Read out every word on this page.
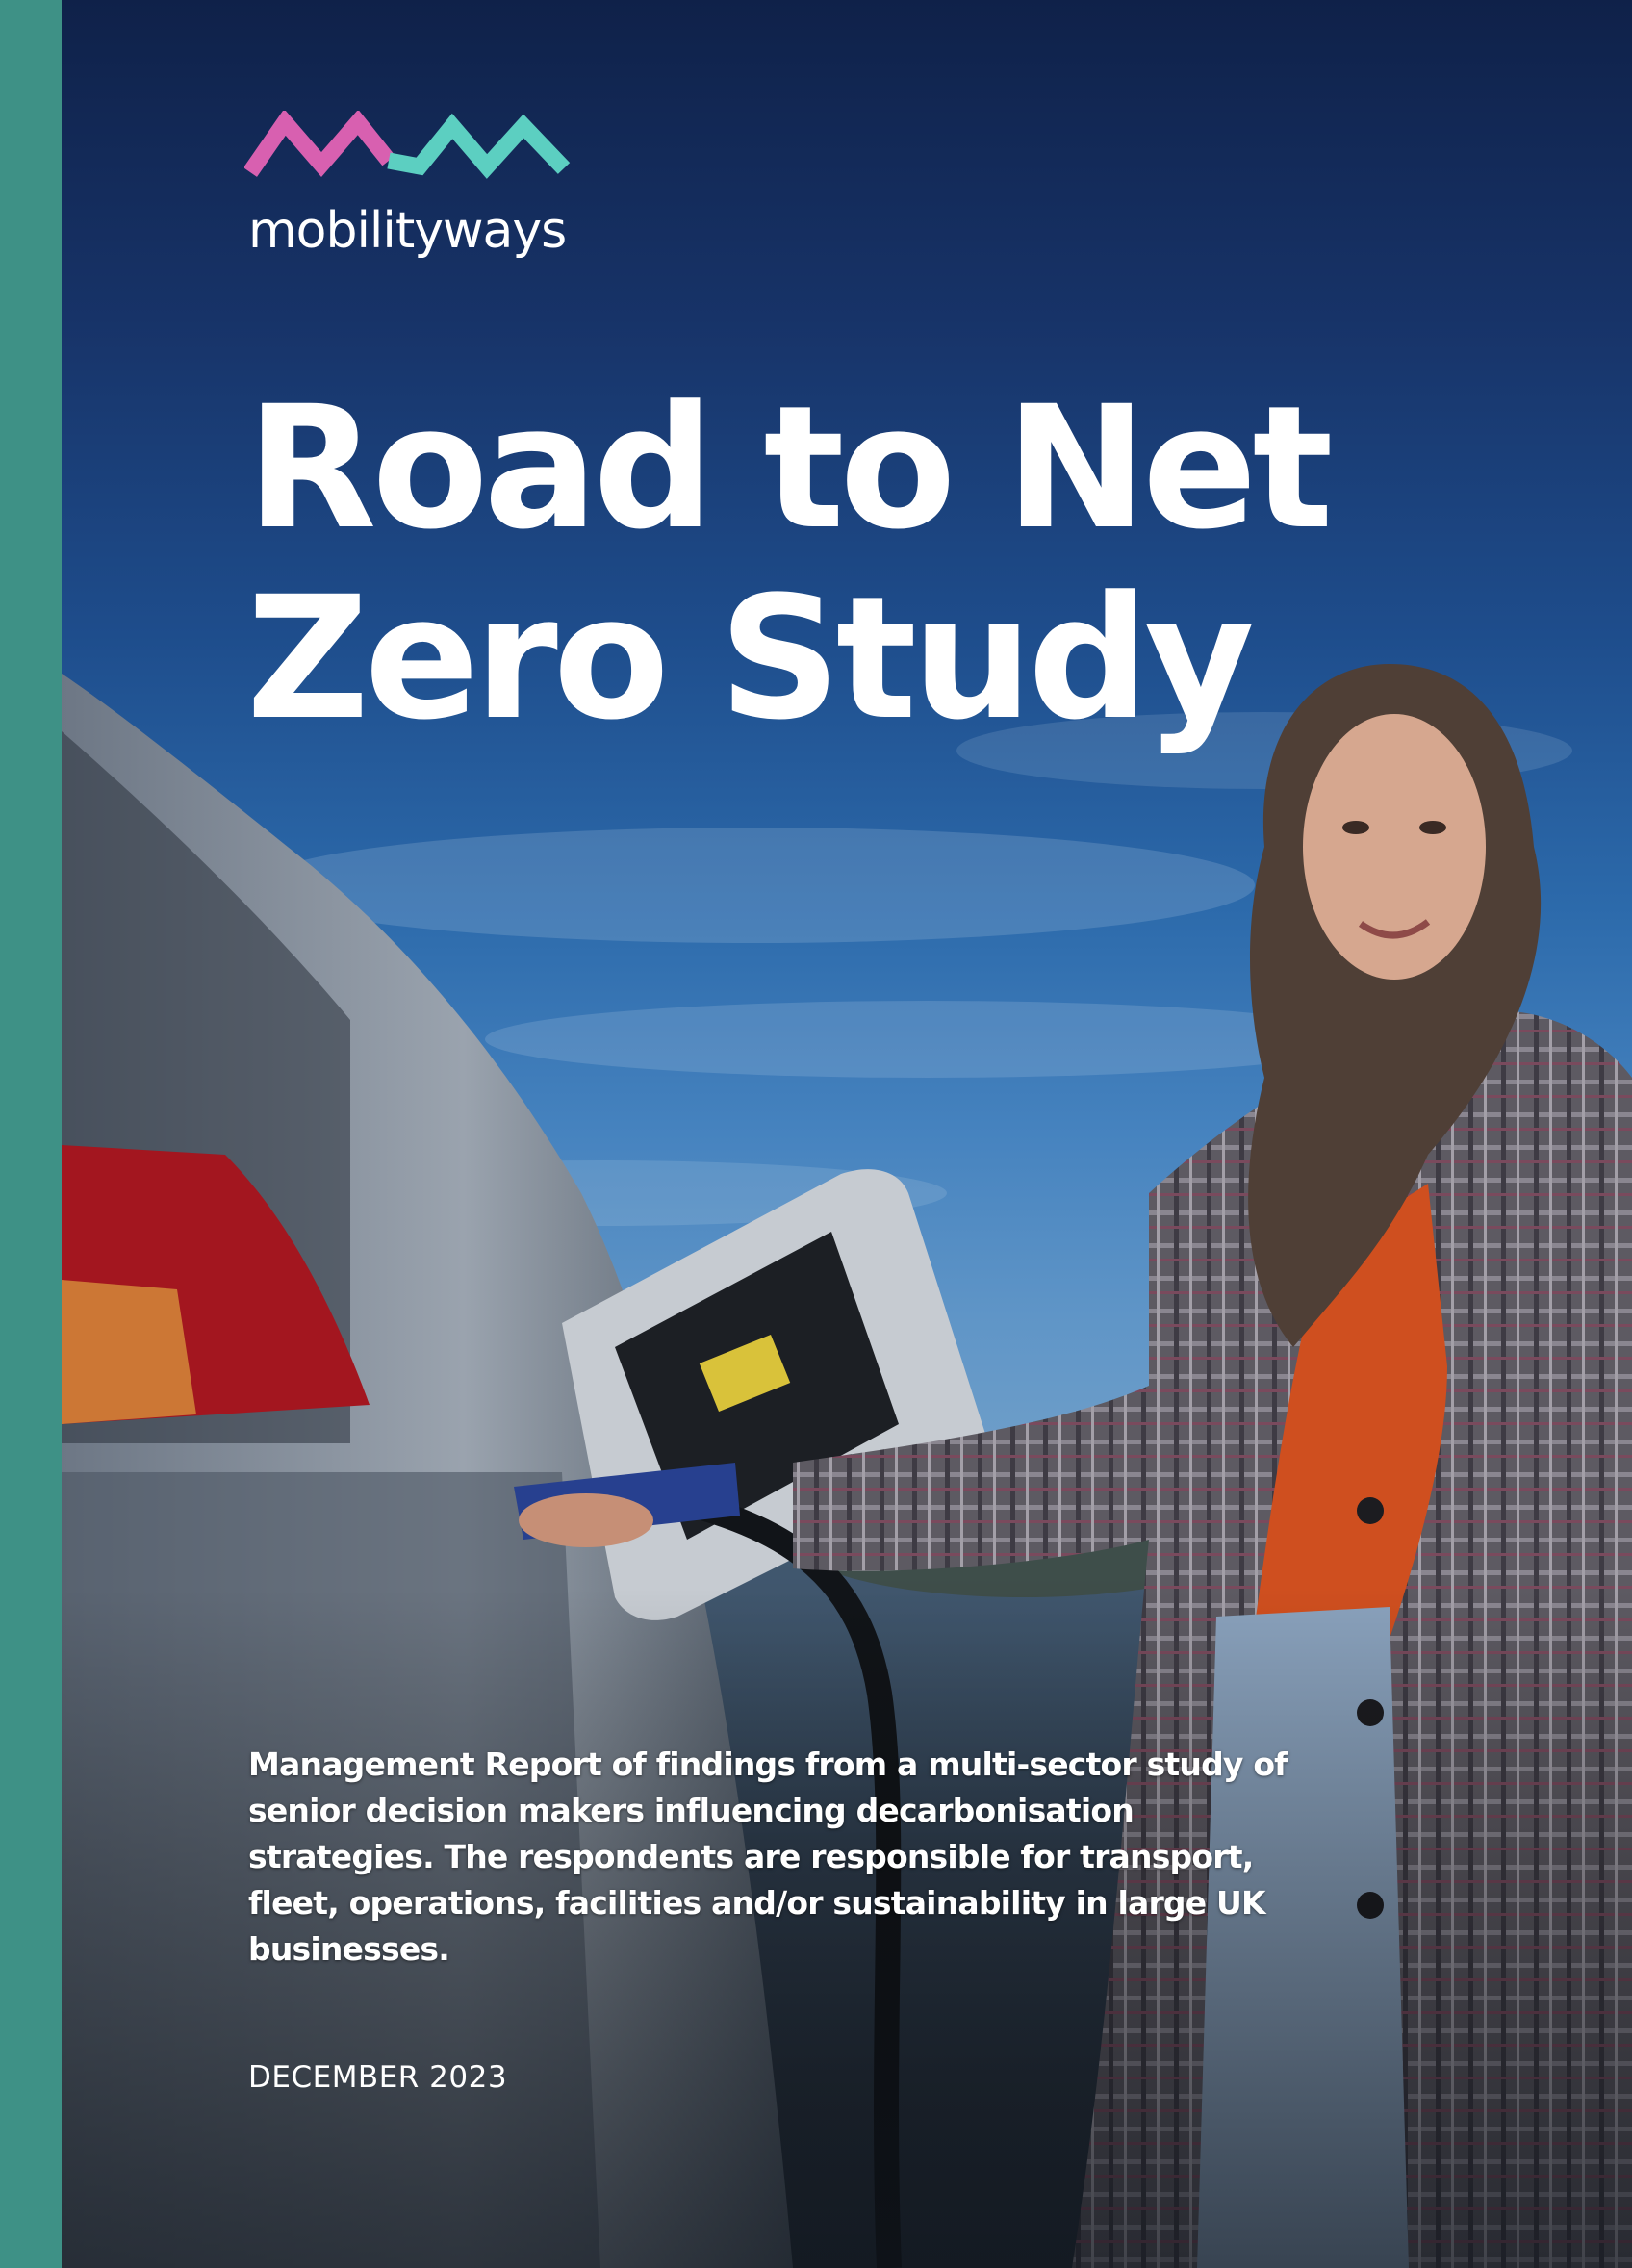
mobilityways
Road to Net
Zero Study

Management Report of findings from a multi-sector study of senior decision makers influencing decarbonisation strategies. The respondents are responsible for transport, fleet, operations, facilities and/or sustainability in large UK businesses.

DECEMBER 2023
